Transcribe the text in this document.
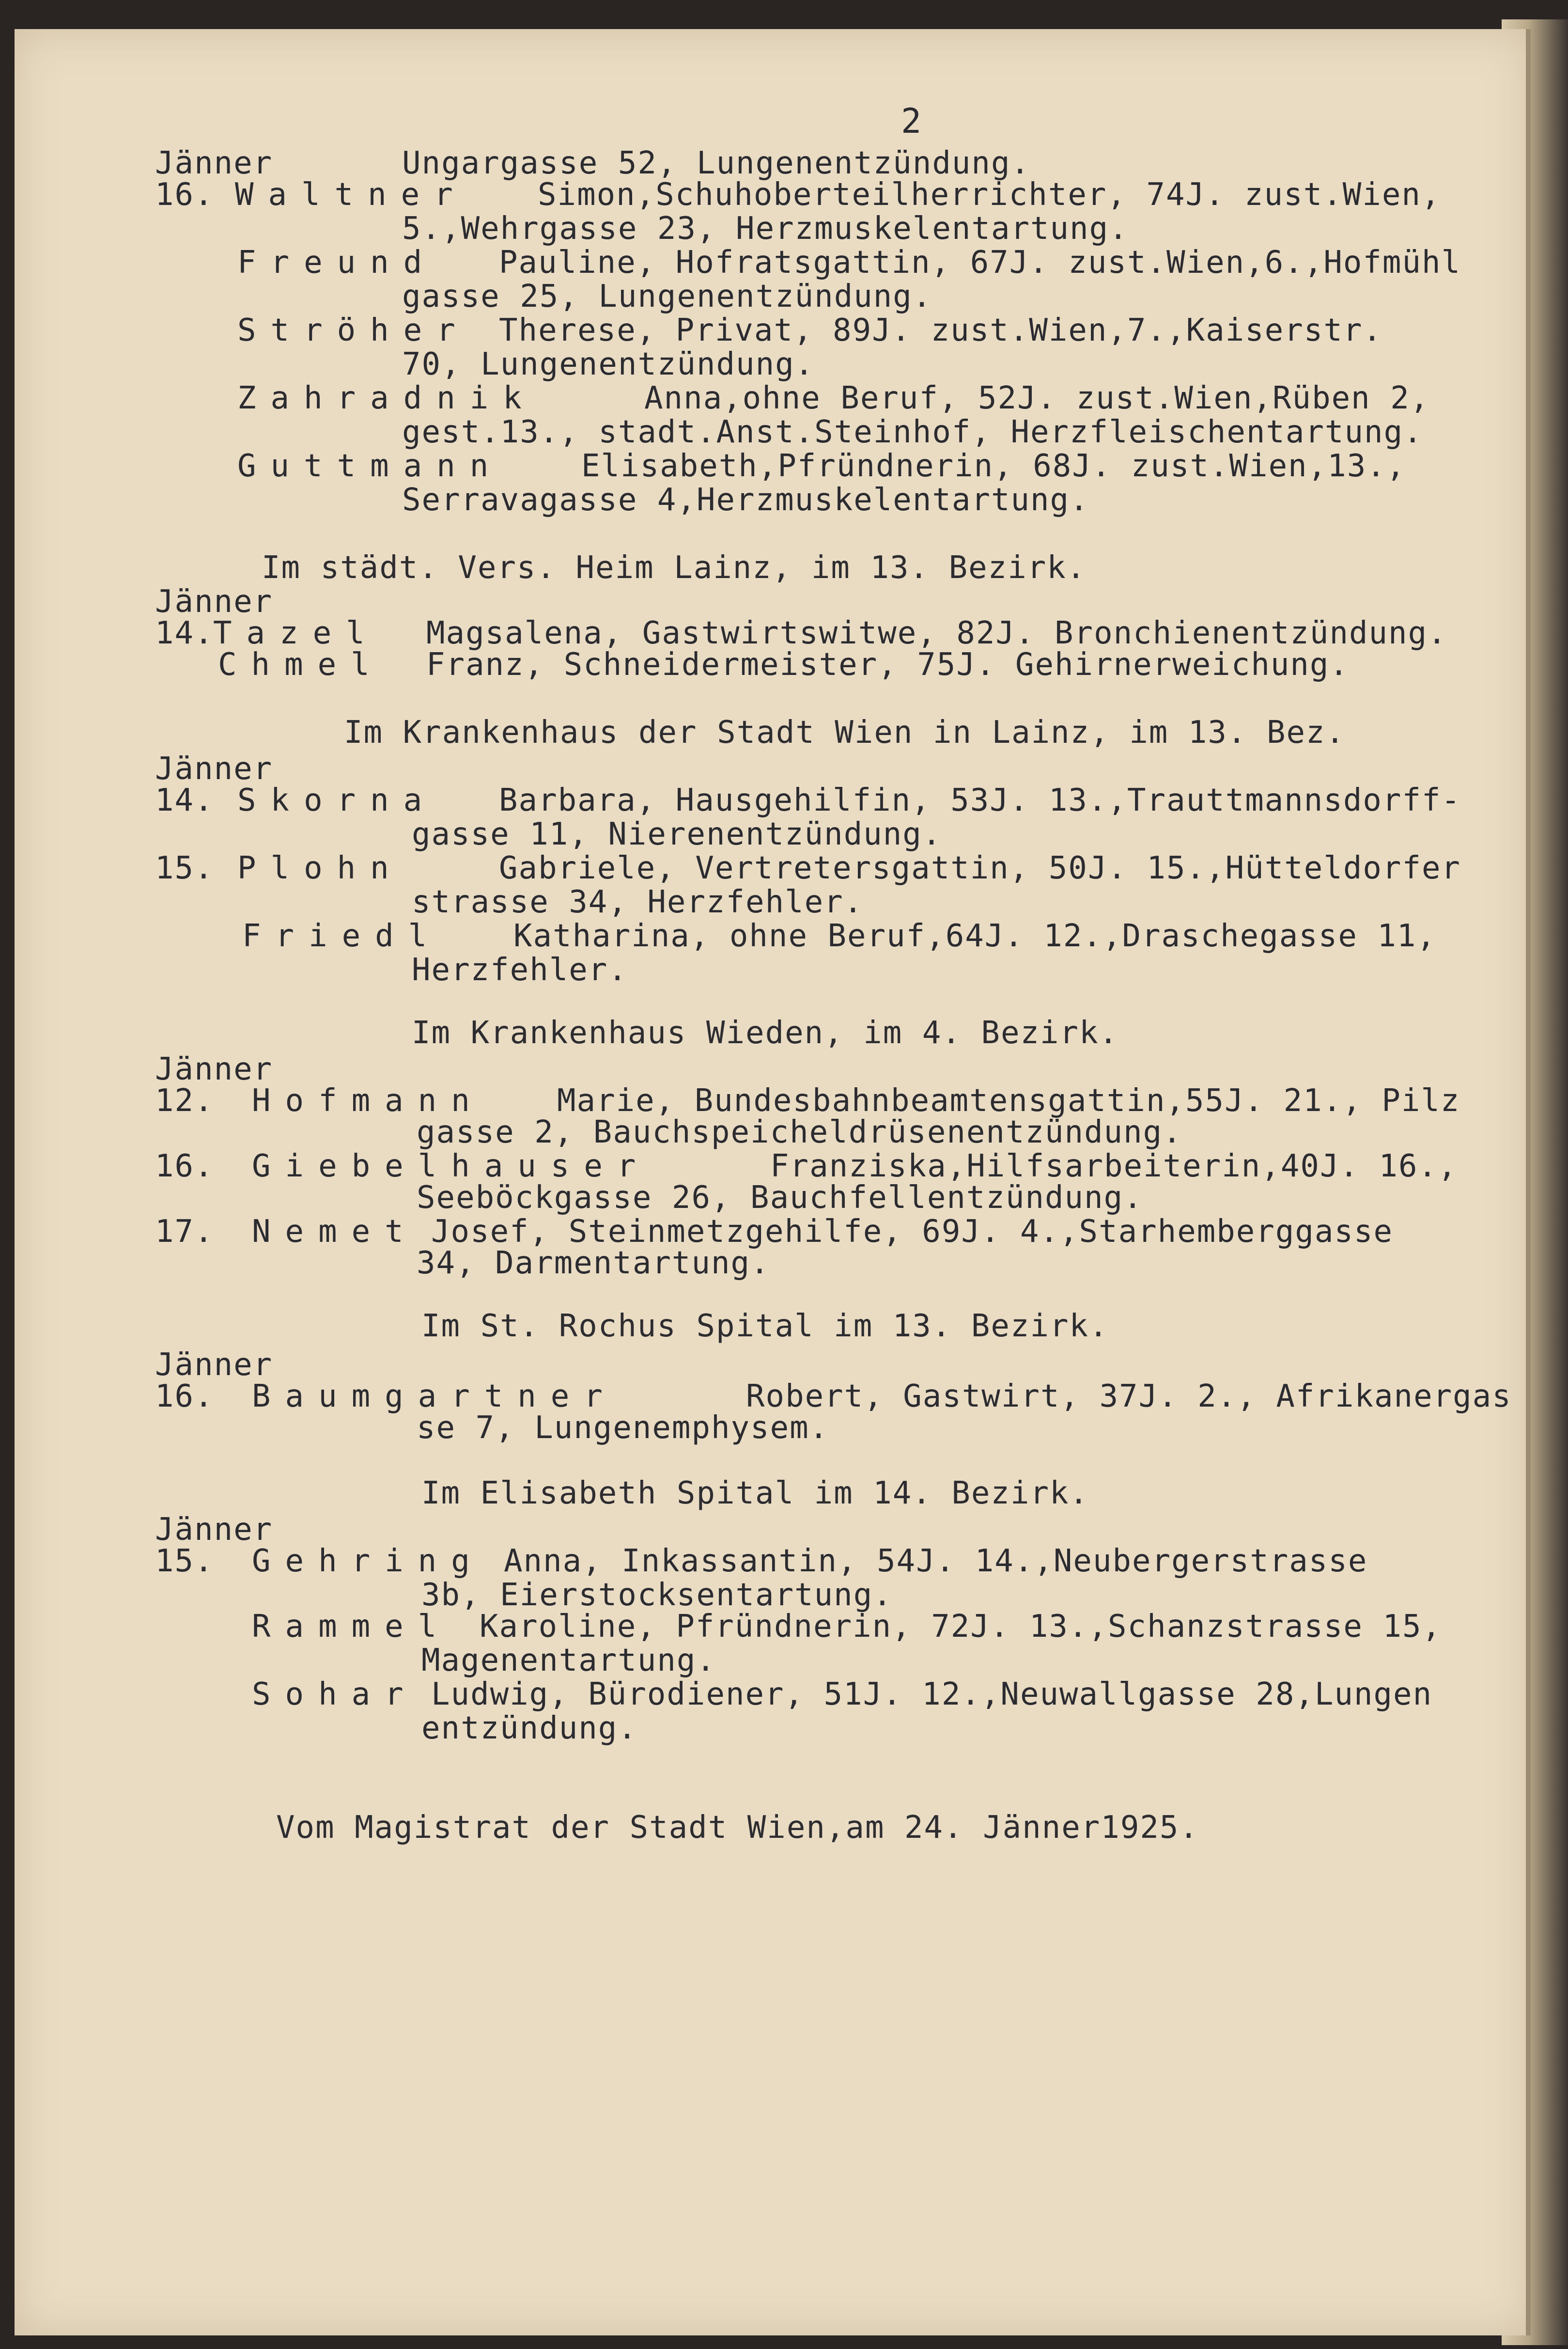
2
Jänner	Ungargasse 52, Lungenentzündung.
16. Waltner Simon,Schuhoberteilherrichter, 74J. zust.Wien,
5.,Wehrgasse 23, Herzmuskelentartung.
Freund Pauline, Hofratsgattin, 67J. zust.Wien,6.,Hofmühl
gasse 25, Lungenentzündung.
Ströher Therese, Privat, 89J. zust.Wien,7.,Kaiserstr.
70, Lungenentzündung.
Zahradnik	Anna,ohne Beruf, 52J. zust.Wien,Rüben 2,
gest.13., stadt.Anst.Steinhof, Herzfleischentartung.
Guttmann	Elisabeth,Pfründnerin, 68J. zust.Wien,13.,
Serravagasse 4,Herzmuskelentartung.
Im städt. Vers. Heim Lainz, im 13. Bezirk.
Jänner
14.
Tazel Magsalena, Gastwirtswitwe, 82J. Bronchienentzündung.
Chmel Franz, Schneidermeister, 75J. Gehirnerweichung.
Im Krankenhaus der Stadt Wien in Lainz, im 13. Bez.
Jänner
14. Skorna Barbara, Hausgehilfin, 53J. 13.,Trauttmannsdorff-
gasse 11, Nierenentzündung.
15. Plohn	Gabriele, Vertretersgattin, 50J. 15.,Hütteldorfer
strasse 34, Herzfehler.
Friedl Katharina, ohne Beruf,64J. 12.,Draschegasse 11,
Herzfehler.
Im Krankenhaus Wieden, im 4. Bezirk.
Jänner
12. Hofmann Marie, Bundesbahnbeamtensgattin,55J. 21., Pilz
gasse 2, Bauchspeicheldrüsenentzündung.
16. Giebelhauser	Franziska,Hilfsarbeiterin,40J. 16.,
Seeböckgasse 26, Bauchfellentzündung.
17. Nemet Josef, Steinmetzgehilfe, 69J. 4.,Starhemberggasse
34, Darmentartung.
Im St. Rochus Spital im 13. Bezirk.
Jänner
16. Baumgartner	Robert, Gastwirt, 37J. 2., Afrikanergas
se 7, Lungenemphysem.
Im Elisabeth Spital im 14. Bezirk.
Jänner
15. Gehring Anna, Inkassantin, 54J. 14.,Neubergerstrasse
3b, Eierstocksentartung.
Rammel Karoline, Pfründnerin, 72J. 13.,Schanzstrasse 15,
Magenentartung.
Sohar Ludwig, Bürodiener, 51J. 12.,Neuwallgasse 28,Lungen
entzündung.
Vom Magistrat der Stadt Wien,am 24. Jänner1925.
